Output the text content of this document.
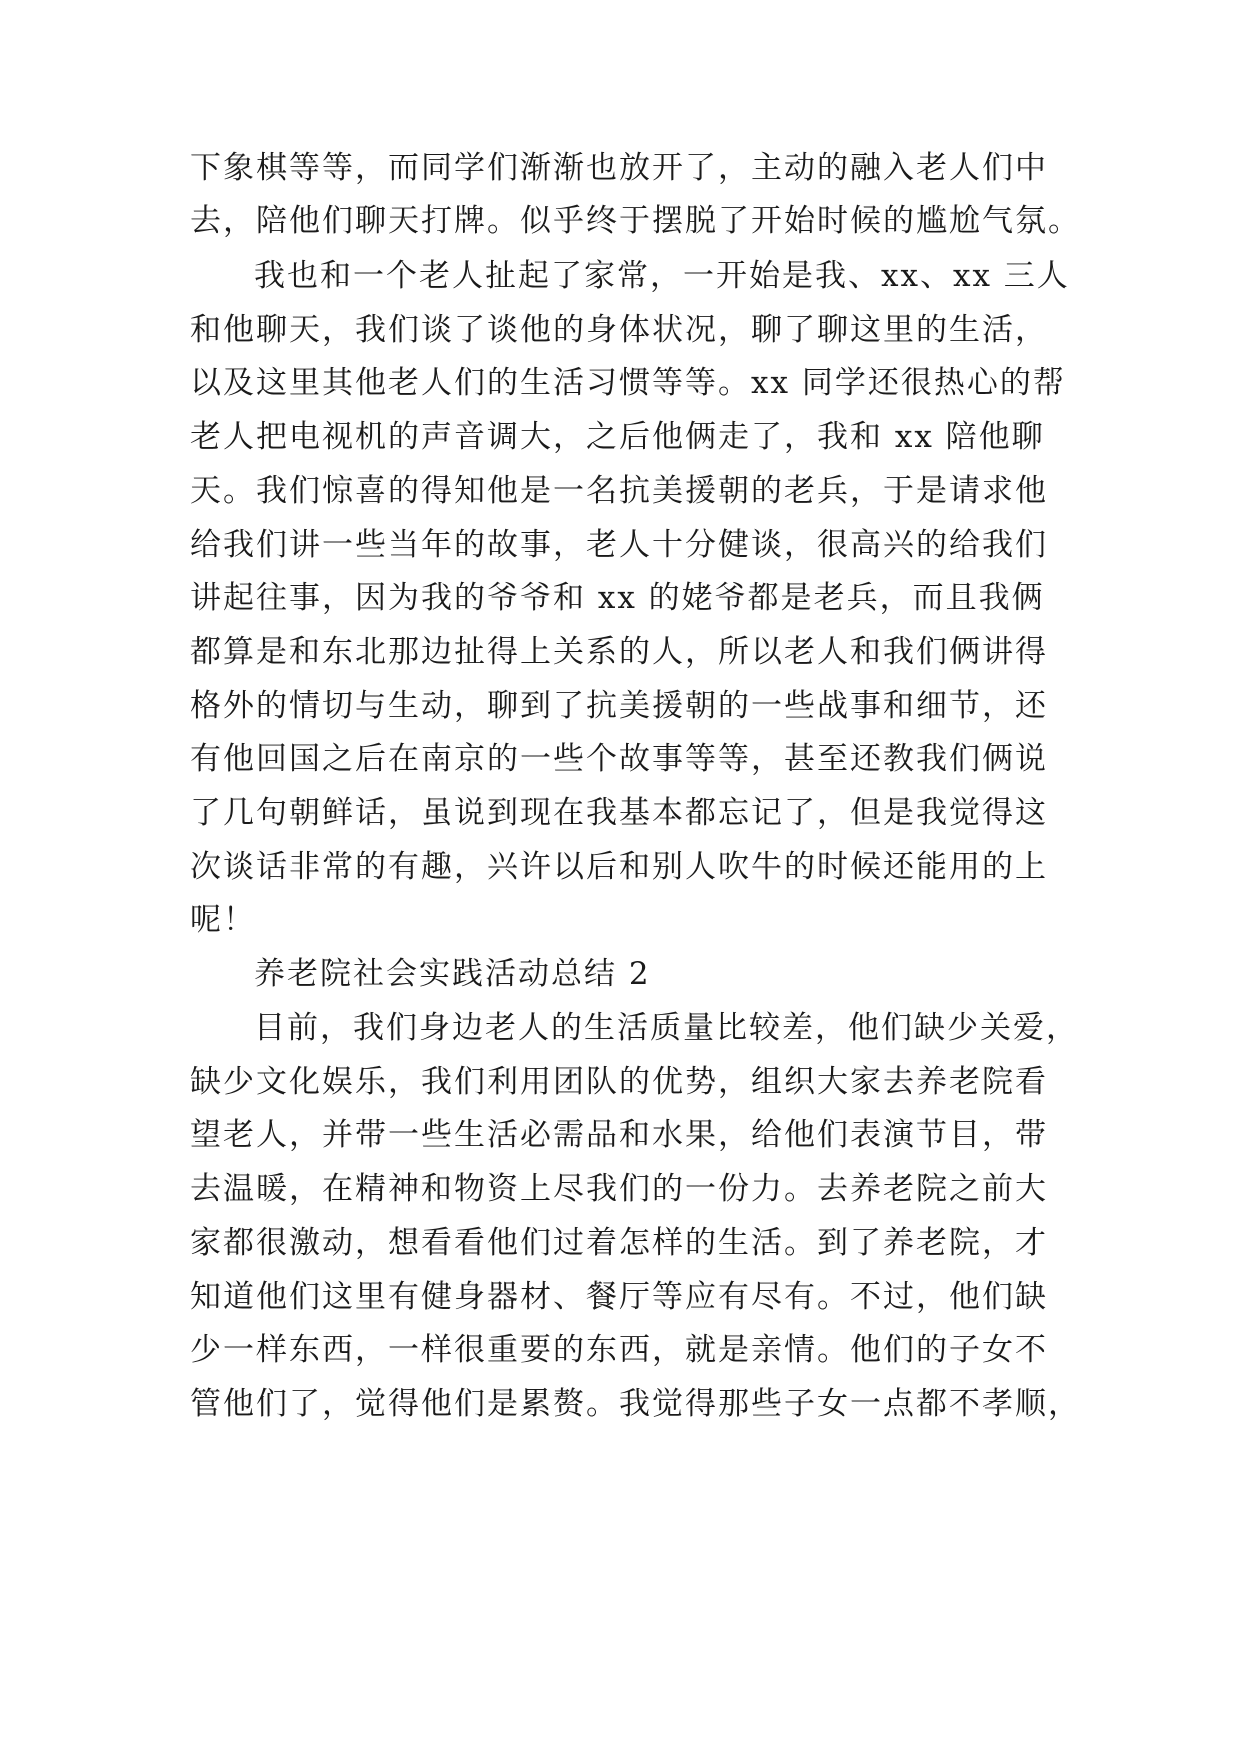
下象棋等等，而同学们渐渐也放开了，主动的融入老人们中
去，陪他们聊天打牌。似乎终于摆脱了开始时候的尴尬气氛。
我也和一个老人扯起了家常，一开始是我、xx、xx 三人
和他聊天，我们谈了谈他的身体状况，聊了聊这里的生活，
以及这里其他老人们的生活习惯等等。xx 同学还很热心的帮
老人把电视机的声音调大，之后他俩走了，我和 xx 陪他聊
天。我们惊喜的得知他是一名抗美援朝的老兵，于是请求他
给我们讲一些当年的故事，老人十分健谈，很高兴的给我们
讲起往事，因为我的爷爷和 xx 的姥爷都是老兵，而且我俩
都算是和东北那边扯得上关系的人，所以老人和我们俩讲得
格外的情切与生动，聊到了抗美援朝的一些战事和细节，还
有他回国之后在南京的一些个故事等等，甚至还教我们俩说
了几句朝鲜话，虽说到现在我基本都忘记了，但是我觉得这
次谈话非常的有趣，兴许以后和别人吹牛的时候还能用的上
呢！
养老院社会实践活动总结 2
目前，我们身边老人的生活质量比较差，他们缺少关爱，
缺少文化娱乐，我们利用团队的优势，组织大家去养老院看
望老人，并带一些生活必需品和水果，给他们表演节目，带
去温暖，在精神和物资上尽我们的一份力。去养老院之前大
家都很激动，想看看他们过着怎样的生活。到了养老院，才
知道他们这里有健身器材、餐厅等应有尽有。不过，他们缺
少一样东西，一样很重要的东西，就是亲情。他们的子女不
管他们了，觉得他们是累赘。我觉得那些子女一点都不孝顺，
